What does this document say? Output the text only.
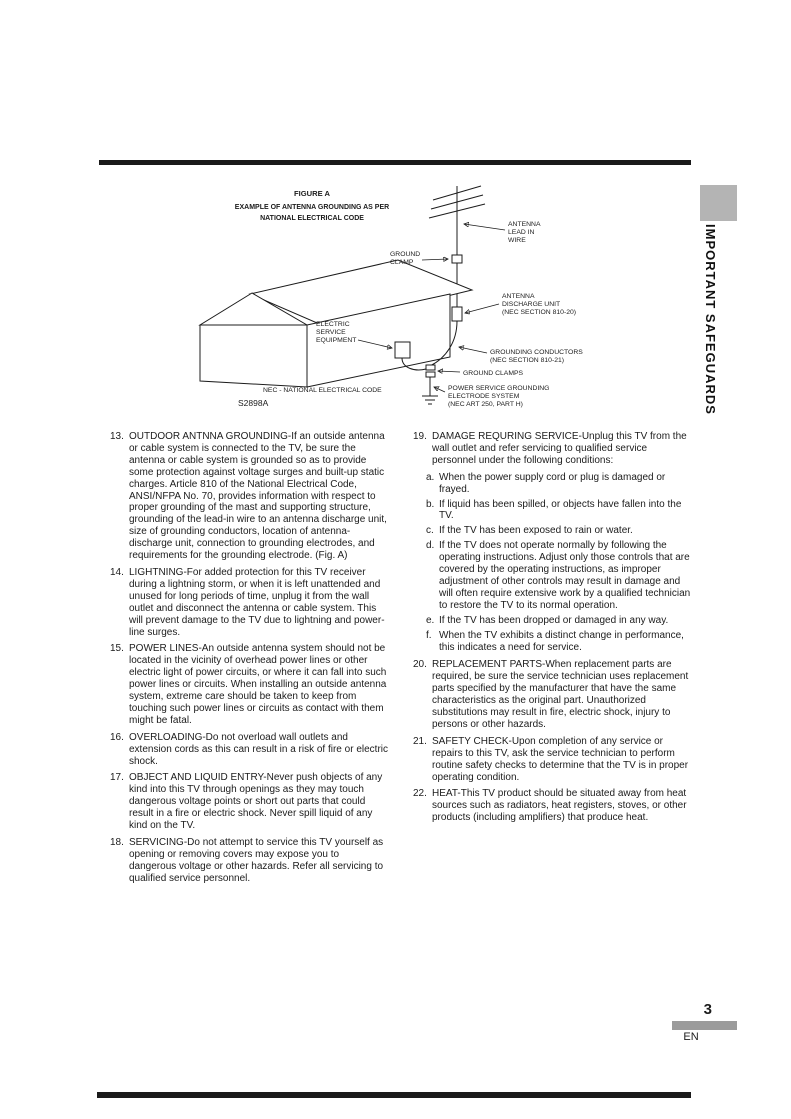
IMPORTANT SAFEGUARDS
FIGURE A
EXAMPLE OF ANTENNA GROUNDING AS PER
NATIONAL ELECTRICAL CODE
ANTENNA
LEAD IN
WIRE
GROUND
CLAMP
ANTENNA
DISCHARGE UNIT
(NEC SECTION 810-20)
ELECTRIC
SERVICE
EQUIPMENT
GROUNDING CONDUCTORS
(NEC SECTION 810-21)
GROUND CLAMPS
POWER SERVICE GROUNDING
ELECTRODE SYSTEM
(NEC ART 250, PART H)
NEC - NATIONAL ELECTRICAL CODE
S2898A
13. OUTDOOR ANTNNA GROUNDING-If an outside antenna or cable system is connected to the TV, be sure the antenna or cable system is grounded so as to provide some protection against voltage surges and built-up static charges. Article 810 of the National Electrical Code, ANSI/NFPA No. 70, provides information with respect to proper grounding of the mast and supporting structure, grounding of the lead-in wire to an antenna discharge unit, size of grounding conductors, location of antenna-discharge unit, connection to grounding electrodes, and requirements for the grounding electrode. (Fig. A)
14. LIGHTNING-For added protection for this TV receiver during a lightning storm, or when it is left unattended and unused for long periods of time, unplug it from the wall outlet and disconnect the antenna or cable system. This will prevent damage to the TV due to lightning and power-line surges.
15. POWER LINES-An outside antenna system should not be located in the vicinity of overhead power lines or other electric light of power circuits, or where it can fall into such power lines or circuits. When installing an outside antenna system, extreme care should be taken to keep from touching such power lines or circuits as contact with them might be fatal.
16. OVERLOADING-Do not overload wall outlets and extension cords as this can result in a risk of fire or electric shock.
17. OBJECT AND LIQUID ENTRY-Never push objects of any kind into this TV through openings as they may touch dangerous voltage points or short out parts that could result in a fire or electric shock. Never spill liquid of any kind on the TV.
18. SERVICING-Do not attempt to service this TV yourself as opening or removing covers may expose you to dangerous voltage or other hazards. Refer all servicing to qualified service personnel.
19. DAMAGE REQURING SERVICE-Unplug this TV from the wall outlet and refer servicing to qualified service personnel under the following conditions:
a. When the power supply cord or plug is damaged or frayed.
b. If liquid has been spilled, or objects have fallen into the TV.
c. If the TV has been exposed to rain or water.
d. If the TV does not operate normally by following the operating instructions. Adjust only those controls that are covered by the operating instructions, as improper adjustment of other controls may result in damage and will often require extensive work by a qualified technician to restore the TV to its normal operation.
e. If the TV has been dropped or damaged in any way.
f. When the TV exhibits a distinct change in performance, this indicates a need for service.
20. REPLACEMENT PARTS-When replacement parts are required, be sure the service technician uses replacement parts specified by the manufacturer that have the same characteristics as the original part. Unauthorized substitutions may result in fire, electric shock, injury to persons or other hazards.
21. SAFETY CHECK-Upon completion of any service or repairs to this TV, ask the service technician to perform routine safety checks to determine that the TV is in proper operating condition.
22. HEAT-This TV product should be situated away from heat sources such as radiators, heat registers, stoves, or other products (including amplifiers) that produce heat.
3
EN
